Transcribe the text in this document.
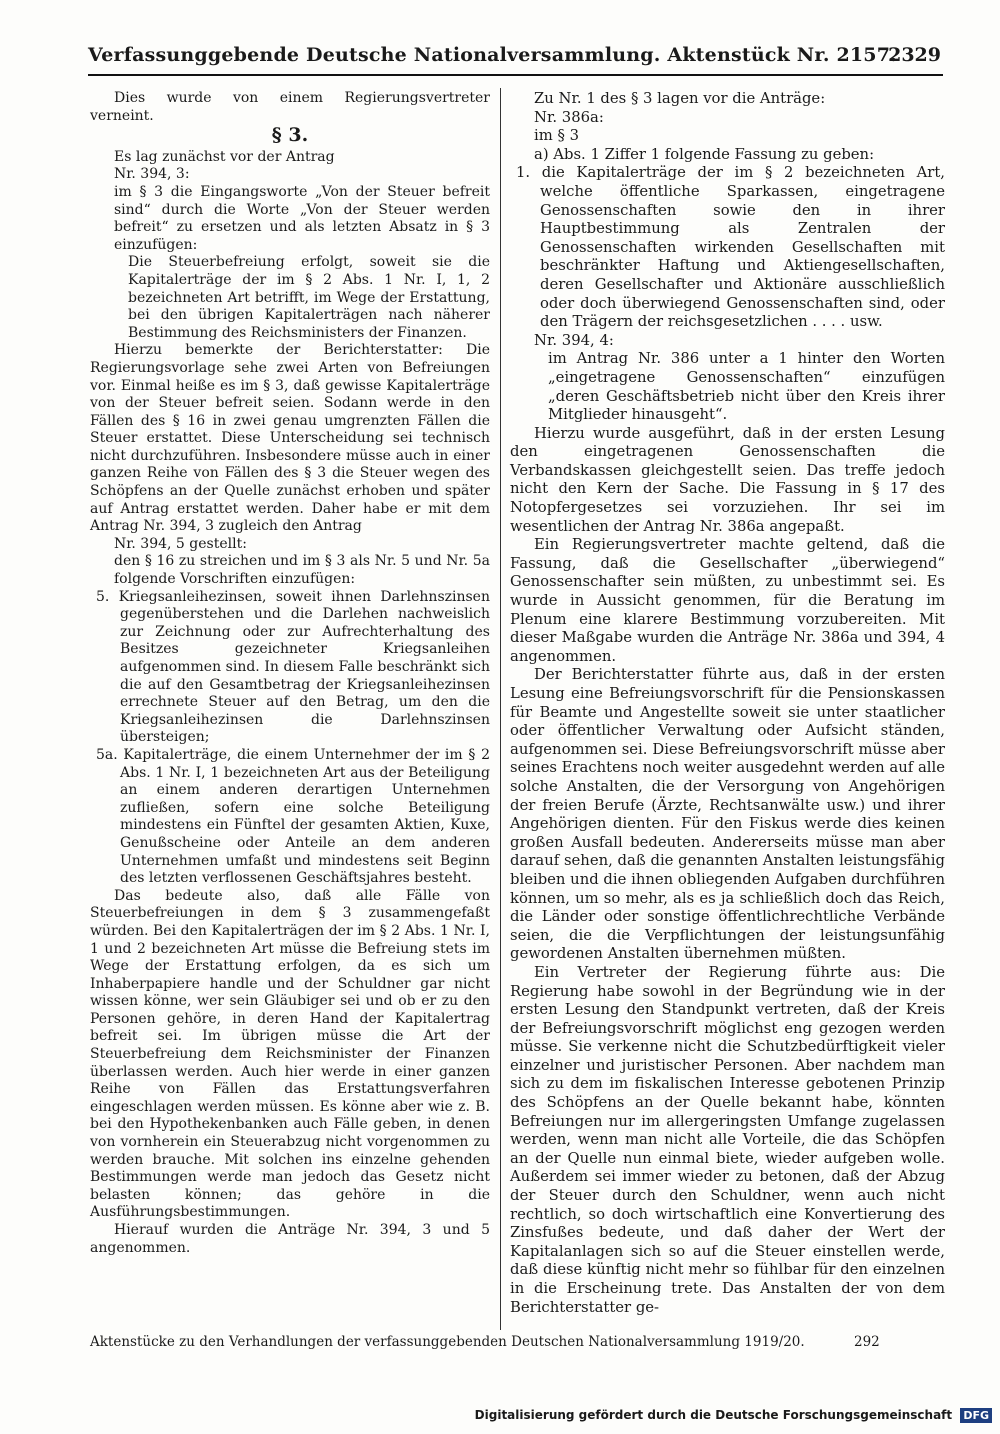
Verfassunggebende Deutsche Nationalversammlung. Aktenstück Nr. 2157.
2329

Dies wurde von einem Regierungsvertreter verneint.

§ 3.

Es lag zunächst vor der Antrag

Nr. 394, 3:

im § 3 die Eingangsworte „Von der Steuer befreit sind“ durch die Worte „Von der Steuer werden befreit“ zu ersetzen und als letzten Absatz in § 3 einzufügen:

Die Steuerbefreiung erfolgt, soweit sie die Kapitalerträge der im § 2 Abs. 1 Nr. I, 1, 2 bezeichneten Art betrifft, im Wege der Erstattung, bei den übrigen Kapitalerträgen nach näherer Bestimmung des Reichsministers der Finanzen.

Hierzu bemerkte der Berichterstatter: Die Regierungsvorlage sehe zwei Arten von Befreiungen vor. Einmal heiße es im § 3, daß gewisse Kapitalerträge von der Steuer befreit seien. Sodann werde in den Fällen des § 16 in zwei genau umgrenzten Fällen die Steuer erstattet. Diese Unterscheidung sei technisch nicht durchzuführen. Insbesondere müsse auch in einer ganzen Reihe von Fällen des § 3 die Steuer wegen des Schöpfens an der Quelle zunächst erhoben und später auf Antrag erstattet werden. Daher habe er mit dem Antrag Nr. 394, 3 zugleich den Antrag

Nr. 394, 5 gestellt:

den § 16 zu streichen und im § 3 als Nr. 5 und Nr. 5a folgende Vorschriften einzufügen:

5. Kriegsanleihezinsen, soweit ihnen Darlehnszinsen gegenüberstehen und die Darlehen nachweislich zur Zeichnung oder zur Aufrechterhaltung des Besitzes gezeichneter Kriegsanleihen aufgenommen sind. In diesem Falle beschränkt sich die auf den Gesamtbetrag der Kriegsanleihezinsen errechnete Steuer auf den Betrag, um den die Kriegsanleihezinsen die Darlehnszinsen übersteigen;

5a. Kapitalerträge, die einem Unternehmer der im § 2 Abs. 1 Nr. I, 1 bezeichneten Art aus der Beteiligung an einem anderen derartigen Unternehmen zufließen, sofern eine solche Beteiligung mindestens ein Fünftel der gesamten Aktien, Kuxe, Genußscheine oder Anteile an dem anderen Unternehmen umfaßt und mindestens seit Beginn des letzten verflossenen Geschäftsjahres besteht.

Das bedeute also, daß alle Fälle von Steuerbefreiungen in dem § 3 zusammengefaßt würden. Bei den Kapitalerträgen der im § 2 Abs. 1 Nr. I, 1 und 2 bezeichneten Art müsse die Befreiung stets im Wege der Erstattung erfolgen, da es sich um Inhaberpapiere handle und der Schuldner gar nicht wissen könne, wer sein Gläubiger sei und ob er zu den Personen gehöre, in deren Hand der Kapitalertrag befreit sei. Im übrigen müsse die Art der Steuerbefreiung dem Reichsminister der Finanzen überlassen werden. Auch hier werde in einer ganzen Reihe von Fällen das Erstattungsverfahren eingeschlagen werden müssen. Es könne aber wie z. B. bei den Hypothekenbanken auch Fälle geben, in denen von vornherein ein Steuerabzug nicht vorgenommen zu werden brauche. Mit solchen ins einzelne gehenden Bestimmungen werde man jedoch das Gesetz nicht belasten können; das gehöre in die Ausführungsbestimmungen.

Hierauf wurden die Anträge Nr. 394, 3 und 5 angenommen.

Zu Nr. 1 des § 3 lagen vor die Anträge:

Nr. 386a:

im § 3

a) Abs. 1 Ziffer 1 folgende Fassung zu geben:

1. die Kapitalerträge der im § 2 bezeichneten Art, welche öffentliche Sparkassen, eingetragene Genossenschaften sowie den in ihrer Hauptbestimmung als Zentralen der Genossenschaften wirkenden Gesellschaften mit beschränkter Haftung und Aktiengesellschaften, deren Gesellschafter und Aktionäre ausschließlich oder doch überwiegend Genossenschaften sind, oder den Trägern der reichsgesetzlichen . . . . usw.

Nr. 394, 4:

im Antrag Nr. 386 unter a 1 hinter den Worten „eingetragene Genossenschaften“ einzufügen „deren Geschäftsbetrieb nicht über den Kreis ihrer Mitglieder hinausgeht“.

Hierzu wurde ausgeführt, daß in der ersten Lesung den eingetragenen Genossenschaften die Verbandskassen gleichgestellt seien. Das treffe jedoch nicht den Kern der Sache. Die Fassung in § 17 des Notopfergesetzes sei vorzuziehen. Ihr sei im wesentlichen der Antrag Nr. 386a angepaßt.

Ein Regierungsvertreter machte geltend, daß die Fassung, daß die Gesellschafter „überwiegend“ Genossenschafter sein müßten, zu unbestimmt sei. Es wurde in Aussicht genommen, für die Beratung im Plenum eine klarere Bestimmung vorzubereiten. Mit dieser Maßgabe wurden die Anträge Nr. 386a und 394, 4 angenommen.

Der Berichterstatter führte aus, daß in der ersten Lesung eine Befreiungsvorschrift für die Pensionskassen für Beamte und Angestellte soweit sie unter staatlicher oder öffentlicher Verwaltung oder Aufsicht ständen, aufgenommen sei. Diese Befreiungsvorschrift müsse aber seines Erachtens noch weiter ausgedehnt werden auf alle solche Anstalten, die der Versorgung von Angehörigen der freien Berufe (Ärzte, Rechtsanwälte usw.) und ihrer Angehörigen dienten. Für den Fiskus werde dies keinen großen Ausfall bedeuten. Andererseits müsse man aber darauf sehen, daß die genannten Anstalten leistungsfähig bleiben und die ihnen obliegenden Aufgaben durchführen können, um so mehr, als es ja schließlich doch das Reich, die Länder oder sonstige öffentlichrechtliche Verbände seien, die die Verpflichtungen der leistungsunfähig gewordenen Anstalten übernehmen müßten.

Ein Vertreter der Regierung führte aus: Die Regierung habe sowohl in der Begründung wie in der ersten Lesung den Standpunkt vertreten, daß der Kreis der Befreiungsvorschrift möglichst eng gezogen werden müsse. Sie verkenne nicht die Schutzbedürftigkeit vieler einzelner und juristischer Personen. Aber nachdem man sich zu dem im fiskalischen Interesse gebotenen Prinzip des Schöpfens an der Quelle bekannt habe, könnten Befreiungen nur im allergeringsten Umfange zugelassen werden, wenn man nicht alle Vorteile, die das Schöpfen an der Quelle nun einmal biete, wieder aufgeben wolle. Außerdem sei immer wieder zu betonen, daß der Abzug der Steuer durch den Schuldner, wenn auch nicht rechtlich, so doch wirtschaftlich eine Konvertierung des Zinsfußes bedeute, und daß daher der Wert der Kapitalanlagen sich so auf die Steuer einstellen werde, daß diese künftig nicht mehr so fühlbar für den einzelnen in die Erscheinung trete. Das Anstalten der von dem Berichterstatter ge-

Aktenstücke zu den Verhandlungen der verfassunggebenden Deutschen Nationalversammlung 1919/20.	292
Digitalisierung gefördert durch die Deutsche Forschungsgemeinschaft DFG
